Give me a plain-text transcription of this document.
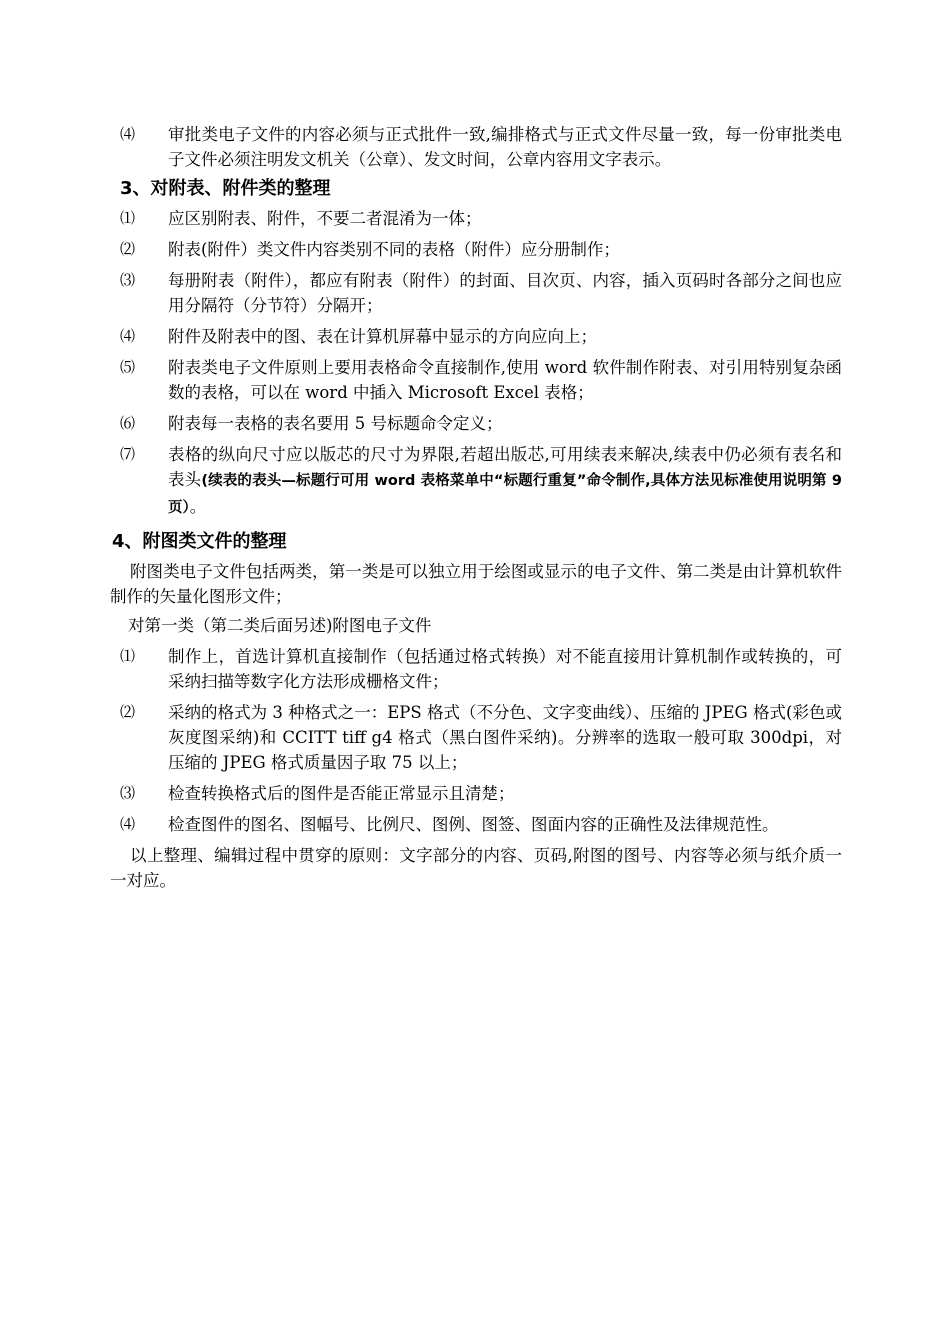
⑷	审批类电子文件的内容必须与正式批件一致,编排格式与正式文件尽量一致，每一份审批类电子文件必须注明发文机关（公章）、发文时间，公章内容用文字表示。
3、对附表、附件类的整理
⑴	应区别附表、附件，不要二者混淆为一体；
⑵	附表(附件）类文件内容类别不同的表格（附件）应分册制作；
⑶	每册附表（附件），都应有附表（附件）的封面、目次页、内容，插入页码时各部分之间也应用分隔符（分节符）分隔开；
⑷	附件及附表中的图、表在计算机屏幕中显示的方向应向上；
⑸	附表类电子文件原则上要用表格命令直接制作,使用 word 软件制作附表、对引用特别复杂函数的表格，可以在 word 中插入 Microsoft Excel 表格；
⑹	附表每一表格的表名要用 5 号标题命令定义；
⑺	表格的纵向尺寸应以版芯的尺寸为界限,若超出版芯,可用续表来解决,续表中仍必须有表名和表头(续表的表头—标题行可用 word 表格菜单中“标题行重复”命令制作,具体方法见标准使用说明第 9 页）。
4、附图类文件的整理

附图类电子文件包括两类，第一类是可以独立用于绘图或显示的电子文件、第二类是由计算机软件制作的矢量化图形文件；

对第一类（第二类后面另述)附图电子文件

⑴	制作上，首选计算机直接制作（包括通过格式转换）对不能直接用计算机制作或转换的，可采纳扫描等数字化方法形成栅格文件；
⑵	采纳的格式为 3 种格式之一：EPS 格式（不分色、文字变曲线）、压缩的 JPEG 格式(彩色或灰度图采纳)和 CCITT tiff g4 格式（黑白图件采纳)。分辨率的选取一般可取 300dpi，对压缩的 JPEG 格式质量因子取 75 以上；
⑶	检查转换格式后的图件是否能正常显示且清楚；
⑷	检查图件的图名、图幅号、比例尺、图例、图签、图面内容的正确性及法律规范性。

以上整理、编辑过程中贯穿的原则：文字部分的内容、页码,附图的图号、内容等必须与纸介质一一对应。
